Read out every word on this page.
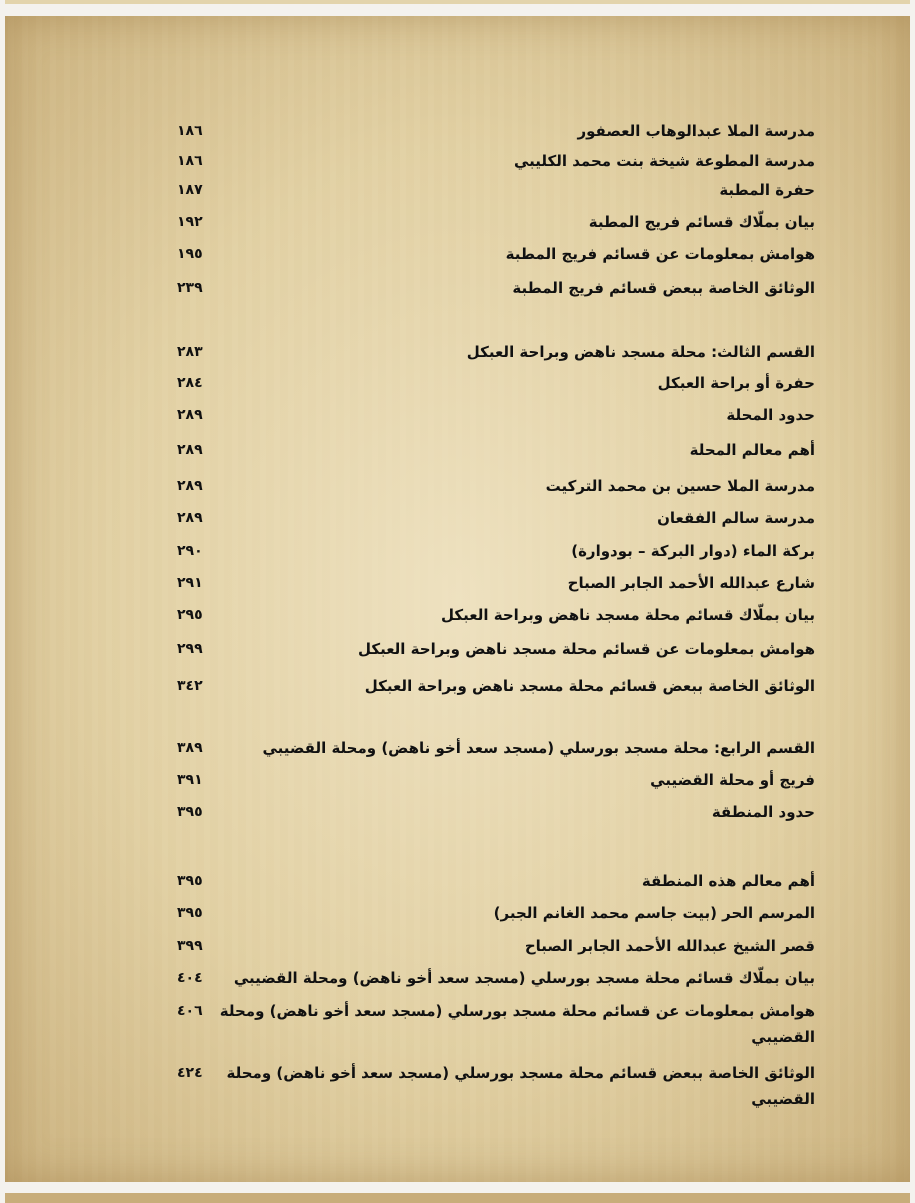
مدرسة الملا عبدالوهاب العصفور
١٨٦
مدرسة المطوعة شيخة بنت محمد الكليبي
١٨٦
حفرة المطبة
١٨٧
بيان بملّاك قسائم فريج المطبة
١٩٢
هوامش بمعلومات عن قسائم فريج المطبة
١٩٥
الوثائق الخاصة ببعض قسائم فريج المطبة
٢٣٩
القسم الثالث: محلة مسجد ناهض وبراحة العبكل
٢٨٣
حفرة أو براحة العبكل
٢٨٤
حدود المحلة
٢٨٩
أهم معالم المحلة
٢٨٩
مدرسة الملا حسين بن محمد التركيت
٢٨٩
مدرسة سالم الفقعان
٢٨٩
بركة الماء (دوار البركة – بودوارة)
٢٩٠
شارع عبدالله الأحمد الجابر الصباح
٢٩١
بيان بملّاك قسائم محلة مسجد ناهض وبراحة العبكل
٢٩٥
هوامش بمعلومات عن قسائم محلة مسجد ناهض وبراحة العبكل
٢٩٩
الوثائق الخاصة ببعض قسائم محلة مسجد ناهض وبراحة العبكل
٣٤٢
القسم الرابع: محلة مسجد بورسلي (مسجد سعد أخو ناهض) ومحلة القضيبي
٣٨٩
فريج أو محلة القضيبي
٣٩١
حدود المنطقة
٣٩٥
أهم معالم هذه المنطقة
٣٩٥
المرسم الحر (بيت جاسم محمد الغانم الجبر)
٣٩٥
قصر الشيخ عبدالله الأحمد الجابر الصباح
٣٩٩
بيان بملّاك قسائم محلة مسجد بورسلي (مسجد سعد أخو ناهض) ومحلة القضيبي
٤٠٤
هوامش بمعلومات عن قسائم محلة مسجد بورسلي (مسجد سعد أخو ناهض) ومحلة القضيبي
٤٠٦
الوثائق الخاصة ببعض قسائم محلة مسجد بورسلي (مسجد سعد أخو ناهض) ومحلة القضيبي
٤٢٤
